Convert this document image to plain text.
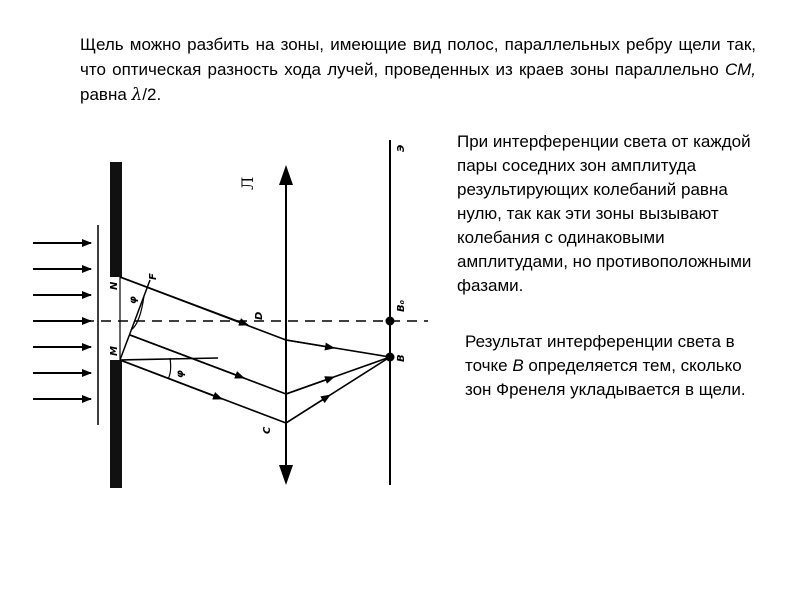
Щель можно разбить на зоны, имеющие вид полос, параллельных ребру щели так, что оптическая разность хода лучей, проведенных из краев зоны параллельно СМ, равна λ/2.
При интерференции света от каждой пары соседних зон амплитуда результирующих колебаний равна нулю, так как эти зоны вызывают колебания с одинаковыми амплитудами, но противоположными фазами.
Результат интерференции света в точке В определяется тем, сколько зон Френеля укладывается в щели.
Л
Э
N
M
F
φ
φ
D
C
B₀
B
